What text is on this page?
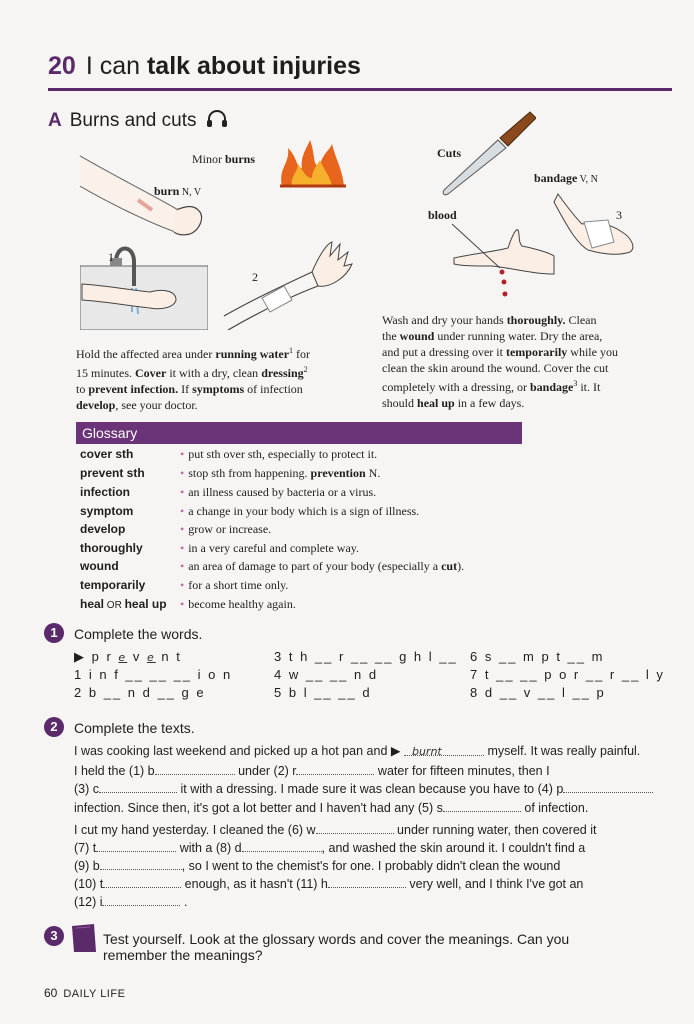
20 I can talk about injuries
A Burns and cuts
1
2
Minor burns
burn N, V
Cuts
bandage V, N
blood	3
Hold the affected area under running water$^1$ for
15 minutes. Cover it with a dry, clean dressing$^2$
to prevent infection. If symptoms of infection
develop, see your doctor.
Wash and dry your hands thoroughly. Clean
the wound under running water. Dry the area,
and put a dressing over it temporarily while you
clean the skin around the wound. Cover the cut
completely with a dressing, or bandage$^3$ it. It
should heal up in a few days.
Glossary
cover sth	• put sth over sth, especially to protect it.
prevent sth	• stop sth from happening. prevention N.
infection	• an illness caused by bacteria or a virus.
symptom	• a change in your body which is a sign of illness.
develop	• grow or increase.
thoroughly	• in a very careful and complete way.
wound	• an area of damage to part of your body (especially a cut).
temporarily	• for a short time only.
heal OR heal up • become healthy again.
1	Complete the words.
▶ p r e v e n t
1 i n f __ __ __ i o n
2 b __ n d __ g e
3 t h __ r __ __ g h l __
4 w __ __ n d
5 b l __ __ d
6 s __ m p t __ m
7 t __ __ p o r __ r __ l y
8 d __ v __ l __ p
2	Complete the texts.
I was cooking last weekend and picked up a hot pan and ▶ burnt	myself. It was really painful.
I held the (1) b	under (2) r	water for fifteen minutes, then I
(3) c	it with a dressing. I made sure it was clean because you have to (4) p
infection. Since then, it's got a lot better and I haven't had any (5) s	of infection.
I cut my hand yesterday. I cleaned the (6) w	under running water, then covered it
(7) t	with a (8) d	, and washed the skin around it. I couldn't find a
(9) b	, so I went to the chemist's for one. I probably didn't clean the wound
(10) t	enough, as it hasn't (11) h	very well, and I think I've got an
(12) i	.
3	Test yourself. Look at the glossary words and cover the meanings. Can you
remember the meanings?
60 DAILY LIFE
